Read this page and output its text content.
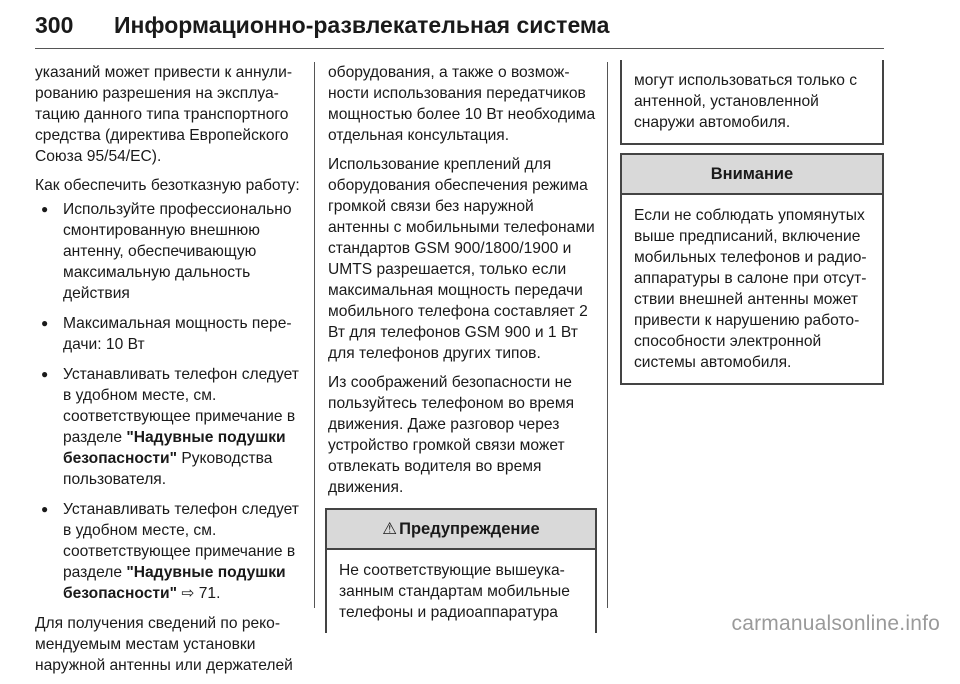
300 Информационно-развлекательная система

указаний может привести к аннулированию разрешения на эксплуатацию данного типа транспортного средства (директива Европейского Союза 95/54/EC).

Как обеспечить безотказную работу:

● Используйте профессионально смонтированную внешнюю антенну, обеспечивающую максимальную дальность действия
● Максимальная мощность передачи: 10 Вт
● Устанавливать телефон следует в удобном месте, см. соответствующее примечание в разделе "Надувные подушки безопасности" Руководства пользователя.
● Устанавливать телефон следует в удобном месте, см. соответствующее примечание в разделе "Надувные подушки безопасности" ⇨ 71.

Для получения сведений по рекомендуемым местам установки наружной антенны или держателей

оборудования, а также о возможности использования передатчиков мощностью более 10 Вт необходима отдельная консультация.

Использование креплений для оборудования обеспечения режима громкой связи без наружной антенны с мобильными телефонами стандартов GSM 900/1800/1900 и UMTS разрешается, только если максимальная мощность передачи мобильного телефона составляет 2 Вт для телефонов GSM 900 и 1 Вт для телефонов других типов.

Из соображений безопасности не пользуйтесь телефоном во время движения. Даже разговор через устройство громкой связи может отвлекать водителя во время движения.

⚠ Предупреждение
Не соответствующие вышеуказанным стандартам мобильные телефоны и радиоаппаратура
могут использоваться только с антенной, установленной снаружи автомобиля.
Внимание
Если не соблюдать упомянутых выше предписаний, включение мобильных телефонов и радиоаппаратуры в салоне при отсутствии внешней антенны может привести к нарушению работоспособности электронной системы автомобиля.
carmanualsonline.info
